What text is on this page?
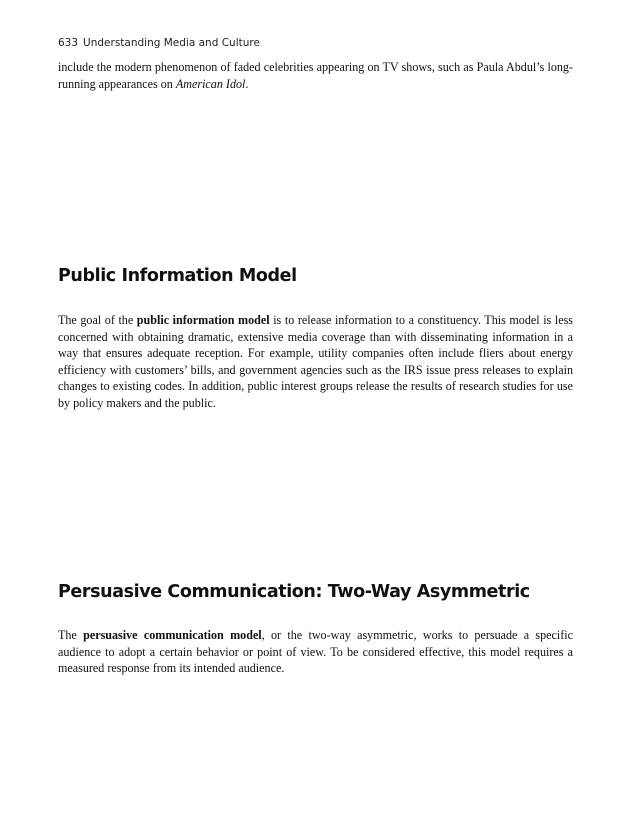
633 Understanding Media and Culture

include the modern phenomenon of faded celebrities appearing on TV shows, such as Paula Abdul’s long-running appearances on American Idol.

Public Information Model

The goal of the public information model is to release information to a constituency. This model is less concerned with obtaining dramatic, extensive media coverage than with disseminating information in a way that ensures adequate reception. For example, utility companies often include fliers about energy efficiency with customers’ bills, and government agencies such as the IRS issue press releases to explain changes to existing codes. In addition, public interest groups release the results of research studies for use by policy makers and the public.

Persuasive Communication: Two-Way Asymmetric

The persuasive communication model, or the two-way asymmetric, works to persuade a specific audience to adopt a certain behavior or point of view. To be considered effective, this model requires a measured response from its intended audience.
